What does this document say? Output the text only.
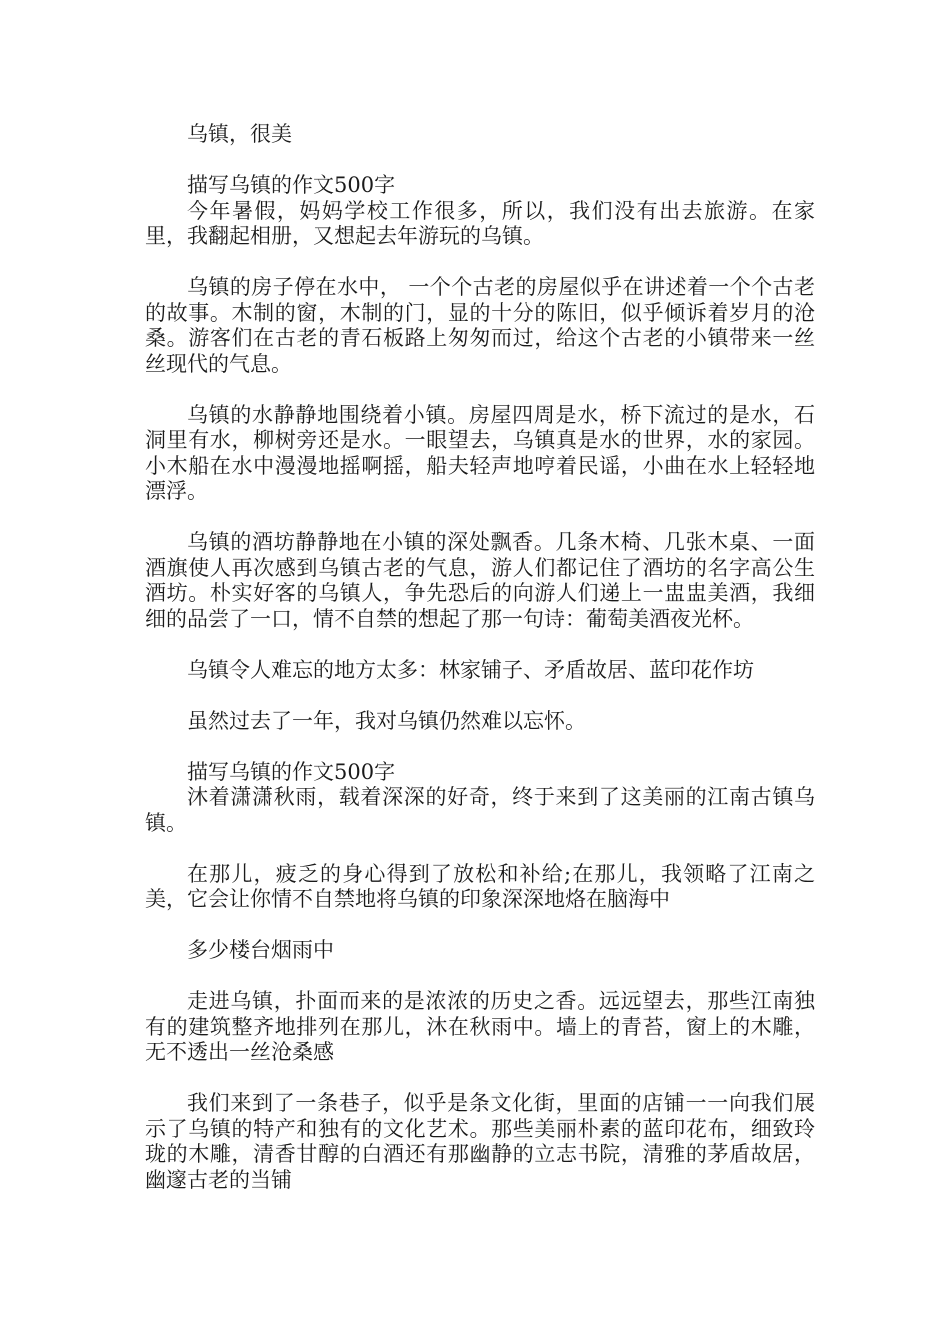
乌镇，很美

描写乌镇的作文500字

今年暑假，妈妈学校工作很多，所以，我们没有出去旅游。在家里，我翻起相册，又想起去年游玩的乌镇。

乌镇的房子停在水中， 一个个古老的房屋似乎在讲述着一个个古老的故事。木制的窗，木制的门，显的十分的陈旧，似乎倾诉着岁月的沧桑。游客们在古老的青石板路上匆匆而过，给这个古老的小镇带来一丝丝现代的气息。

乌镇的水静静地围绕着小镇。房屋四周是水，桥下流过的是水，石洞里有水，柳树旁还是水。一眼望去，乌镇真是水的世界，水的家园。小木船在水中漫漫地摇啊摇，船夫轻声地哼着民谣，小曲在水上轻轻地漂浮。

乌镇的酒坊静静地在小镇的深处飘香。几条木椅、几张木桌、一面酒旗使人再次感到乌镇古老的气息，游人们都记住了酒坊的名字高公生酒坊。朴实好客的乌镇人，争先恐后的向游人们递上一盅盅美酒，我细细的品尝了一口，情不自禁的想起了那一句诗：葡萄美酒夜光杯。

乌镇令人难忘的地方太多：林家铺子、矛盾故居、蓝印花作坊

虽然过去了一年，我对乌镇仍然难以忘怀。

描写乌镇的作文500字

沐着潇潇秋雨，载着深深的好奇，终于来到了这美丽的江南古镇乌镇。

在那儿，疲乏的身心得到了放松和补给;在那儿，我领略了江南之美，它会让你情不自禁地将乌镇的印象深深地烙在脑海中

多少楼台烟雨中

走进乌镇，扑面而来的是浓浓的历史之香。远远望去，那些江南独有的建筑整齐地排列在那儿，沐在秋雨中。墙上的青苔，窗上的木雕，无不透出一丝沧桑感

我们来到了一条巷子，似乎是条文化街，里面的店铺一一向我们展示了乌镇的特产和独有的文化艺术。那些美丽朴素的蓝印花布，细致玲珑的木雕，清香甘醇的白酒还有那幽静的立志书院，清雅的茅盾故居，幽邃古老的当铺
